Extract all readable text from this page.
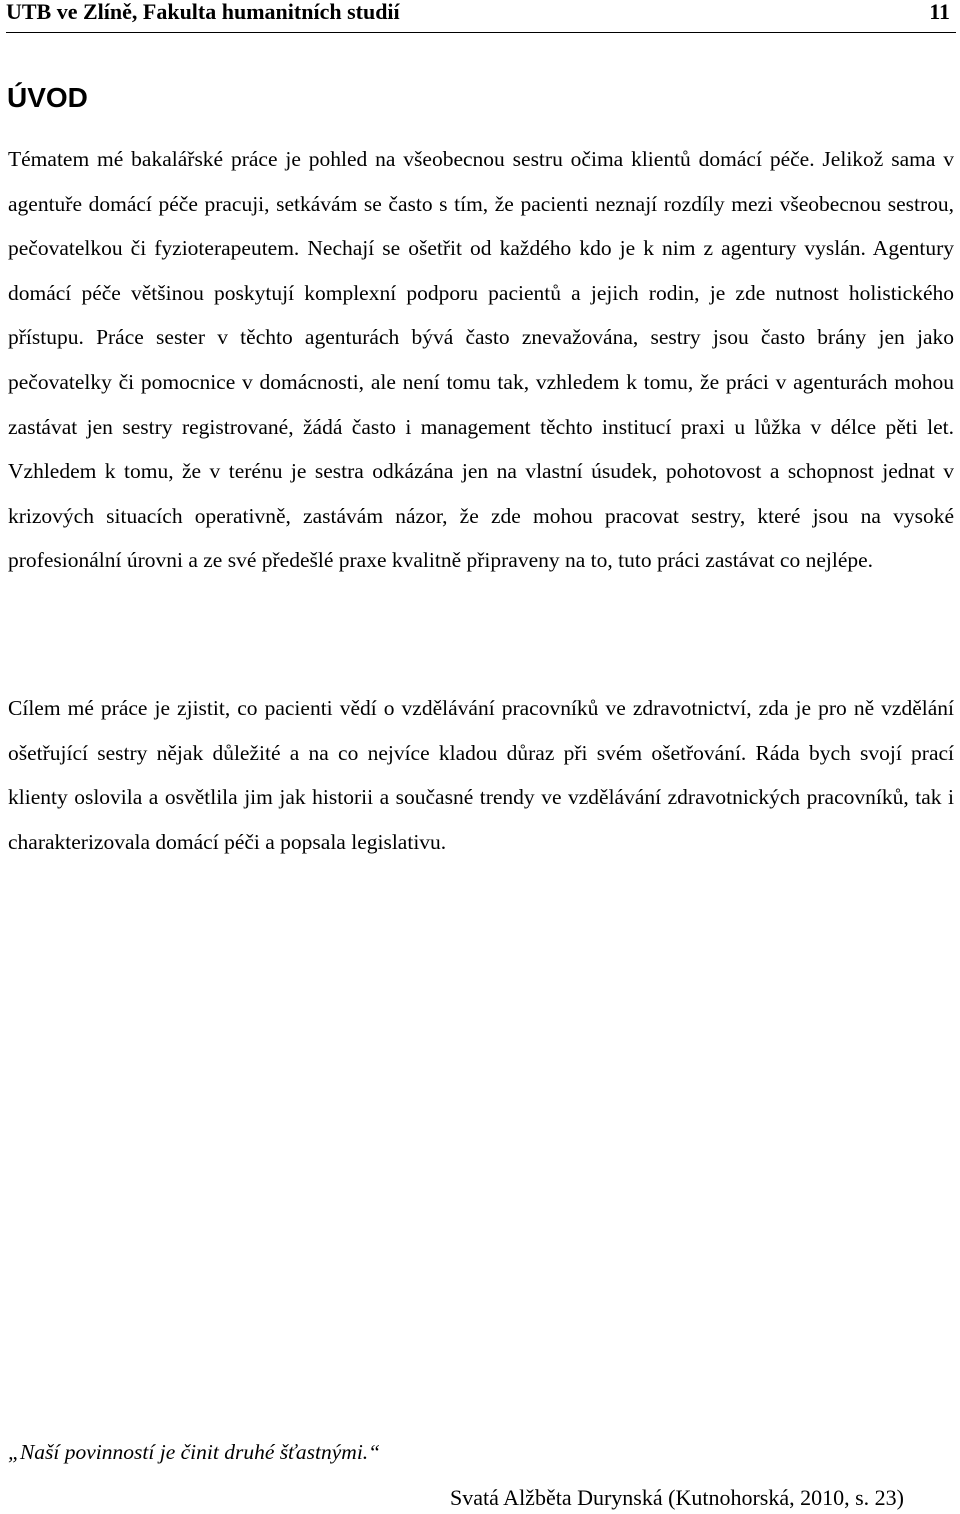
UTB ve Zlíně, Fakulta humanitních studií	11
ÚVOD

Tématem mé bakalářské práce je pohled na všeobecnou sestru očima klientů domácí péče. Jelikož sama v agentuře domácí péče pracuji, setkávám se často s tím, že pacienti neznají rozdíly mezi všeobecnou sestrou, pečovatelkou či fyzioterapeutem. Nechají se ošetřit od každého kdo je k nim z agentury vyslán. Agentury domácí péče většinou poskytují komplexní podporu pacientů a jejich rodin, je zde nutnost holistického přístupu. Práce sester v těchto agenturách bývá často znevažována, sestry jsou často brány jen jako pečovatelky či pomocnice v domácnosti, ale není tomu tak, vzhledem k tomu, že práci v agenturách mohou zastávat jen sestry registrované, žádá často i management těchto institucí praxi u lůžka v délce pěti let. Vzhledem k tomu, že v terénu je sestra odkázána jen na vlastní úsudek, pohotovost a schopnost jednat v krizových situacích operativně, zastávám názor, že zde mohou pracovat sestry, které jsou na vysoké profesionální úrovni a ze své předešlé praxe kvalitně připraveny na to, tuto práci zastávat co nejlépe.

Cílem mé práce je zjistit, co pacienti vědí o vzdělávání pracovníků ve zdravotnictví, zda je pro ně vzdělání ošetřující sestry nějak důležité a na co nejvíce kladou důraz při svém ošetřování. Ráda bych svojí prací klienty oslovila a osvětlila jim jak historii a současné trendy ve vzdělávání zdravotnických pracovníků, tak i charakterizovala domácí péči a popsala legislativu.

„Naší povinností je činit druhé šťastnými.“

Svatá Alžběta Durynská (Kutnohorská, 2010, s. 23)
